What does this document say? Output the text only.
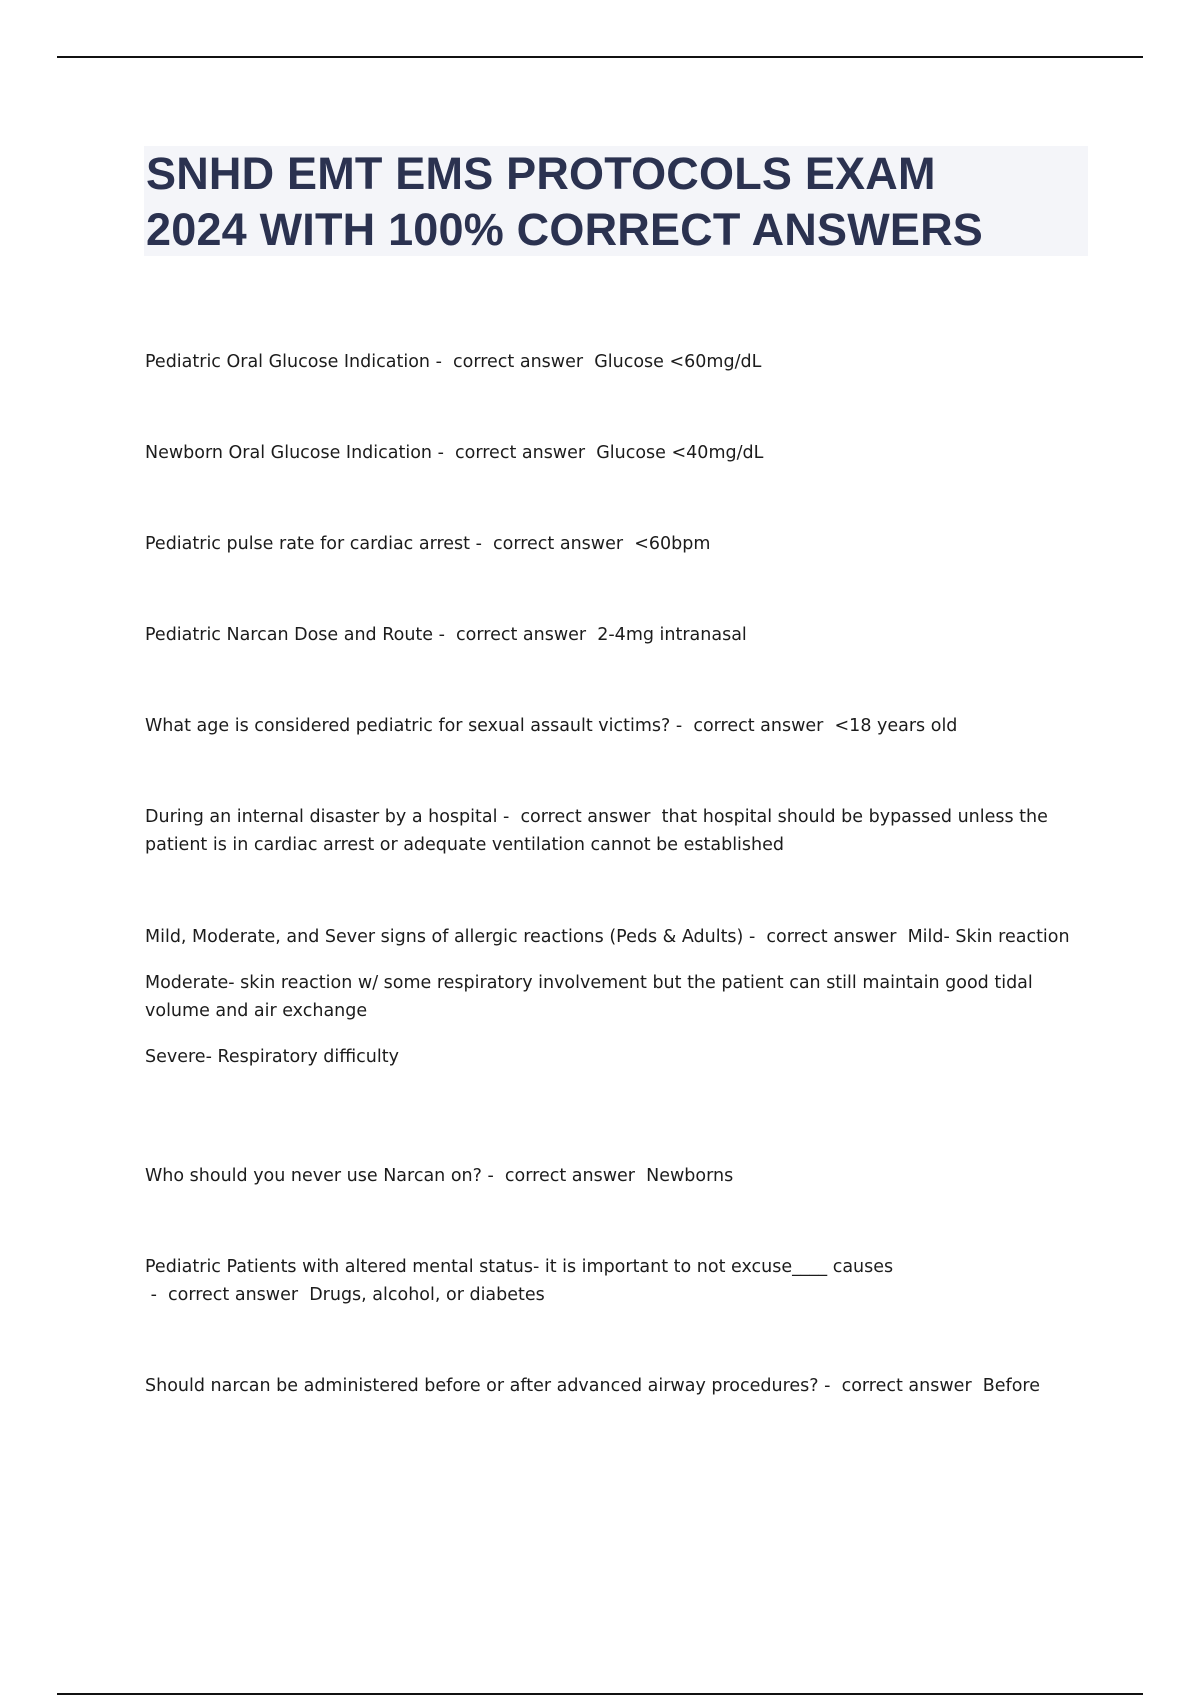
SNHD EMT EMS PROTOCOLS EXAM
2024 WITH 100% CORRECT ANSWERS

Pediatric Oral Glucose Indication -  correct answer  Glucose <60mg/dL

Newborn Oral Glucose Indication -  correct answer  Glucose <40mg/dL

Pediatric pulse rate for cardiac arrest -  correct answer  <60bpm

Pediatric Narcan Dose and Route -  correct answer  2-4mg intranasal

What age is considered pediatric for sexual assault victims? -  correct answer  <18 years old

During an internal disaster by a hospital -  correct answer  that hospital should be bypassed unless the patient is in cardiac arrest or adequate ventilation cannot be established

Mild, Moderate, and Sever signs of allergic reactions (Peds & Adults) -  correct answer  Mild- Skin reaction

Moderate- skin reaction w/ some respiratory involvement but the patient can still maintain good tidal volume and air exchange

Severe- Respiratory difficulty

Who should you never use Narcan on? -  correct answer  Newborns

Pediatric Patients with altered mental status- it is important to not excuse____ causes -  correct answer  Drugs, alcohol, or diabetes

Should narcan be administered before or after advanced airway procedures? -  correct answer  Before
